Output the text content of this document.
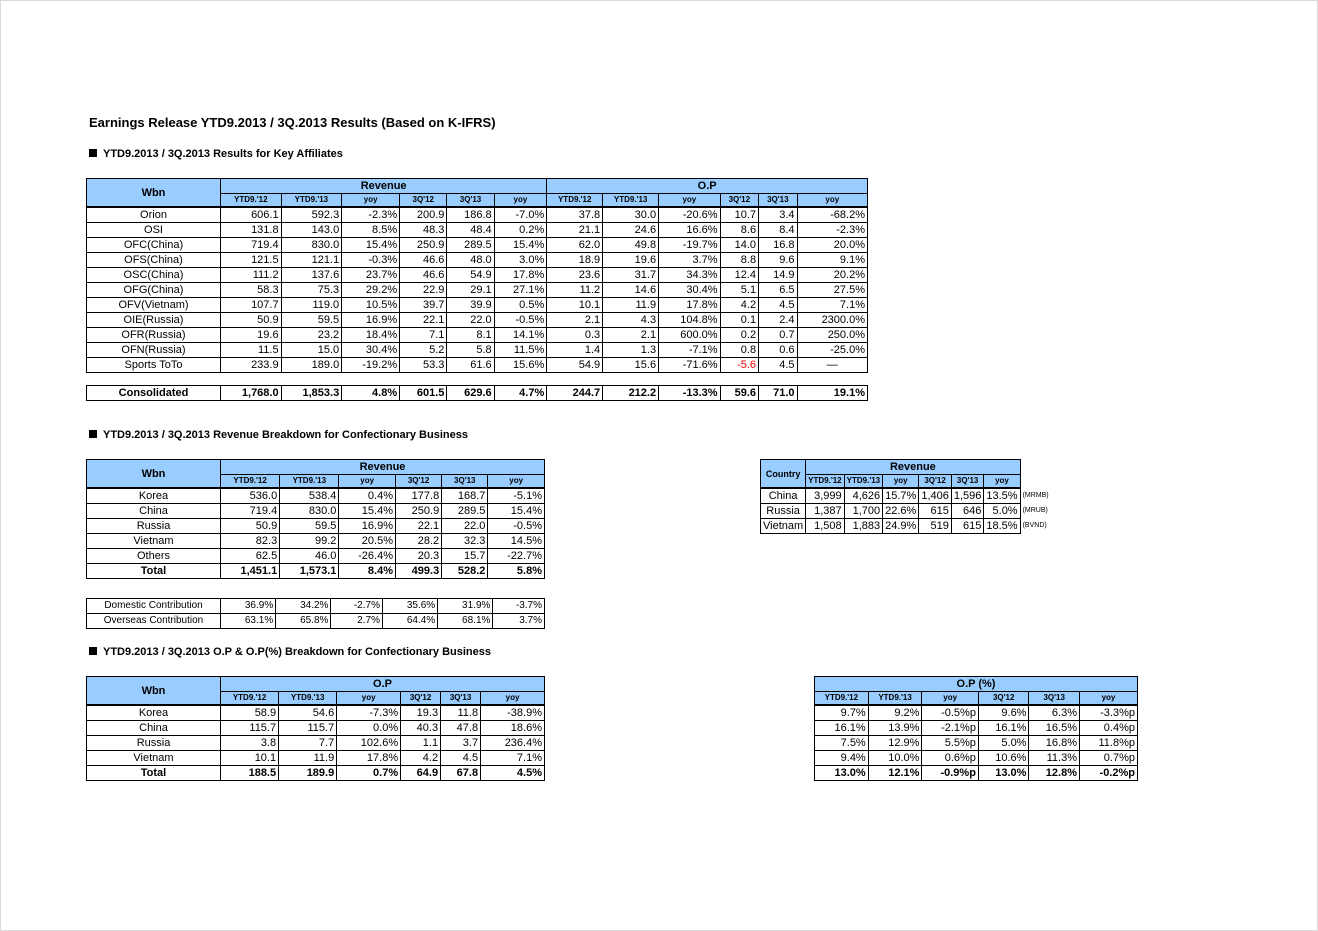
Earnings Release YTD9.2013 / 3Q.2013 Results (Based on K-IFRS)
YTD9.2013 / 3Q.2013 Results for Key Affiliates
Wbn	Revenue						O.P					
	YTD9.'12	YTD9.'13	yoy	3Q'12	3Q'13	yoy	YTD9.'12	YTD9.'13	yoy	3Q'12	3Q'13	yoy
Orion	606.1	592.3	-2.3%	200.9	186.8	-7.0%	37.8	30.0	-20.6%	10.7	3.4	-68.2%
OSI	131.8	143.0	8.5%	48.3	48.4	0.2%	21.1	24.6	16.6%	8.6	8.4	-2.3%
OFC(China)	719.4	830.0	15.4%	250.9	289.5	15.4%	62.0	49.8	-19.7%	14.0	16.8	20.0%
OFS(China)	121.5	121.1	-0.3%	46.6	48.0	3.0%	18.9	19.6	3.7%	8.8	9.6	9.1%
OSC(China)	111.2	137.6	23.7%	46.6	54.9	17.8%	23.6	31.7	34.3%	12.4	14.9	20.2%
OFG(China)	58.3	75.3	29.2%	22.9	29.1	27.1%	11.2	14.6	30.4%	5.1	6.5	27.5%
OFV(Vietnam)	107.7	119.0	10.5%	39.7	39.9	0.5%	10.1	11.9	17.8%	4.2	4.5	7.1%
OIE(Russia)	50.9	59.5	16.9%	22.1	22.0	-0.5%	2.1	4.3	104.8%	0.1	2.4	2300.0%
OFR(Russia)	19.6	23.2	18.4%	7.1	8.1	14.1%	0.3	2.1	600.0%	0.2	0.7	250.0%
OFN(Russia)	11.5	15.0	30.4%	5.2	5.8	11.5%	1.4	1.3	-7.1%	0.8	0.6	-25.0%
Sports ToTo	233.9	189.0	-19.2%	53.3	61.6	15.6%	54.9	15.6	-71.6%	-5.6	4.5	—

Consolidated	1,768.0	1,853.3	4.8%	601.5	629.6	4.7%	244.7	212.2	-13.3%	59.6	71.0	19.1%
YTD9.2013 / 3Q.2013 Revenue Breakdown for Confectionary Business
Wbn	Revenue					
	YTD9.'12	YTD9.'13	yoy	3Q'12	3Q'13	yoy
Korea	536.0	538.4	0.4%	177.8	168.7	-5.1%
China	719.4	830.0	15.4%	250.9	289.5	15.4%
Russia	50.9	59.5	16.9%	22.1	22.0	-0.5%
Vietnam	82.3	99.2	20.5%	28.2	32.3	14.5%
Others	62.5	46.0	-26.4%	20.3	15.7	-22.7%
Total	1,451.1	1,573.1	8.4%	499.3	528.2	5.8%
Domestic Contribution	36.9%	34.2%	-2.7%	35.6%	31.9%	-3.7%
Overseas Contribution	63.1%	65.8%	2.7%	64.4%	68.1%	3.7%
Country	Revenue						
	YTD9.'12	YTD9.'13	yoy	3Q'12	3Q'13	yoy	
China	3,999	4,626	15.7%	1,406	1,596	13.5%	(MRMB)
Russia	1,387	1,700	22.6%	615	646	5.0%	(MRUB)
Vietnam	1,508	1,883	24.9%	519	615	18.5%	(BVND)
YTD9.2013 / 3Q.2013 O.P & O.P(%) Breakdown for Confectionary Business
Wbn	O.P					
	YTD9.'12	YTD9.'13	yoy	3Q'12	3Q'13	yoy
Korea	58.9	54.6	-7.3%	19.3	11.8	-38.9%
China	115.7	115.7	0.0%	40.3	47.8	18.6%
Russia	3.8	7.7	102.6%	1.1	3.7	236.4%
Vietnam	10.1	11.9	17.8%	4.2	4.5	7.1%
Total	188.5	189.9	0.7%	64.9	67.8	4.5%
O.P (%)					
YTD9.'12	YTD9.'13	yoy	3Q'12	3Q'13	yoy
9.7%	9.2%	-0.5%p	9.6%	6.3%	-3.3%p
16.1%	13.9%	-2.1%p	16.1%	16.5%	0.4%p
7.5%	12.9%	5.5%p	5.0%	16.8%	11.8%p
9.4%	10.0%	0.6%p	10.6%	11.3%	0.7%p
13.0%	12.1%	-0.9%p	13.0%	12.8%	-0.2%p
